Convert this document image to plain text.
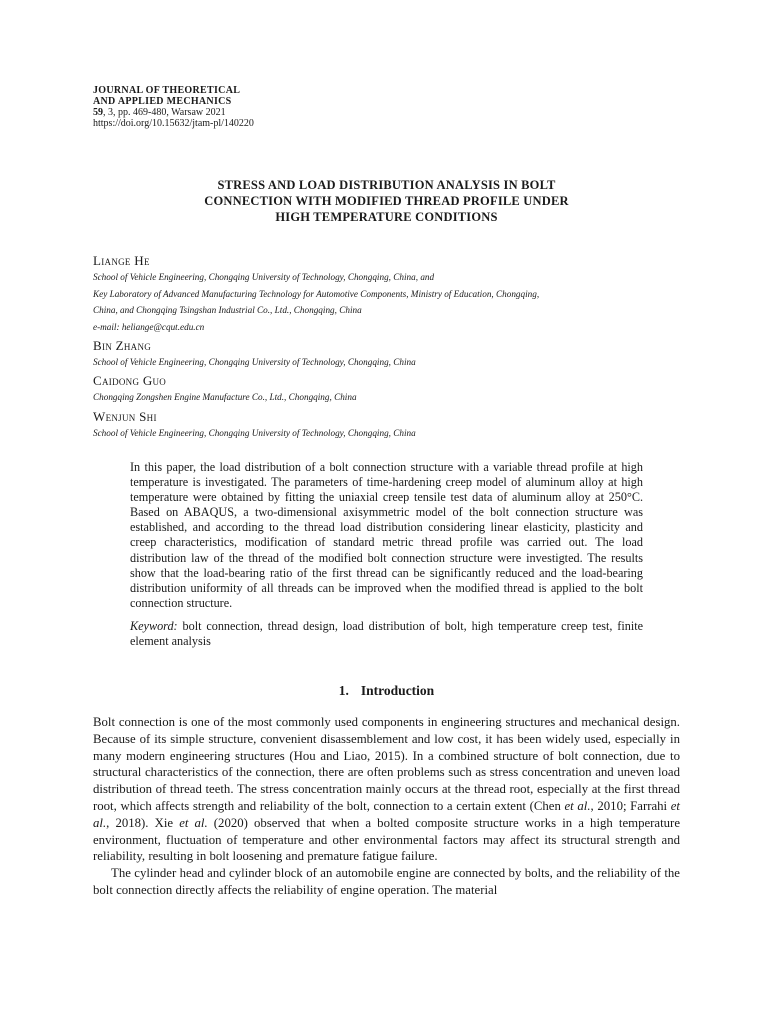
JOURNAL OF THEORETICAL
AND APPLIED MECHANICS
59, 3, pp. 469-480, Warsaw 2021
https://doi.org/10.15632/jtam-pl/140220
STRESS AND LOAD DISTRIBUTION ANALYSIS IN BOLT
CONNECTION WITH MODIFIED THREAD PROFILE UNDER
HIGH TEMPERATURE CONDITIONS

Liange He

School of Vehicle Engineering, Chongqing University of Technology, Chongqing, China, and

Key Laboratory of Advanced Manufacturing Technology for Automotive Components, Ministry of Education, Chongqing,

China, and Chongqing Tsingshan Industrial Co., Ltd., Chongqing, China

e-mail: heliange@cqut.edu.cn

Bin Zhang

School of Vehicle Engineering, Chongqing University of Technology, Chongqing, China

Caidong Guo

Chongqing Zongshen Engine Manufacture Co., Ltd., Chongqing, China

Wenjun Shi

School of Vehicle Engineering, Chongqing University of Technology, Chongqing, China

In this paper, the load distribution of a bolt connection structure with a variable thread profile at high temperature is investigated. The parameters of time-hardening creep model of aluminum alloy at high temperature were obtained by fitting the uniaxial creep tensile test data of aluminum alloy at 250°C. Based on ABAQUS, a two-dimensional axisymmetric model of the bolt connection structure was established, and according to the thread load distribution considering linear elasticity, plasticity and creep characteristics, modification of standard metric thread profile was carried out. The load distribution law of the thread of the modified bolt connection structure were investigted. The results show that the load-bearing ratio of the first thread can be significantly reduced and the load-bearing distribution uniformity of all threads can be improved when the modified thread is applied to the bolt connection structure.

Keyword: bolt connection, thread design, load distribution of bolt, high temperature creep test, finite element analysis

1. Introduction

Bolt connection is one of the most commonly used components in engineering structures and mechanical design. Because of its simple structure, convenient disassemblement and low cost, it has been widely used, especially in many modern engineering structures (Hou and Liao, 2015). In a combined structure of bolt connection, due to structural characteristics of the connection, there are often problems such as stress concentration and uneven load distribution of thread teeth. The stress concentration mainly occurs at the thread root, especially at the first thread root, which affects strength and reliability of the bolt, connection to a certain extent (Chen et al., 2010; Farrahi et al., 2018). Xie et al. (2020) observed that when a bolted composite structure works in a high temperature environment, fluctuation of temperature and other environmental factors may affect its structural strength and reliability, resulting in bolt loosening and premature fatigue failure.

The cylinder head and cylinder block of an automobile engine are connected by bolts, and the reliability of the bolt connection directly affects the reliability of engine operation. The material
